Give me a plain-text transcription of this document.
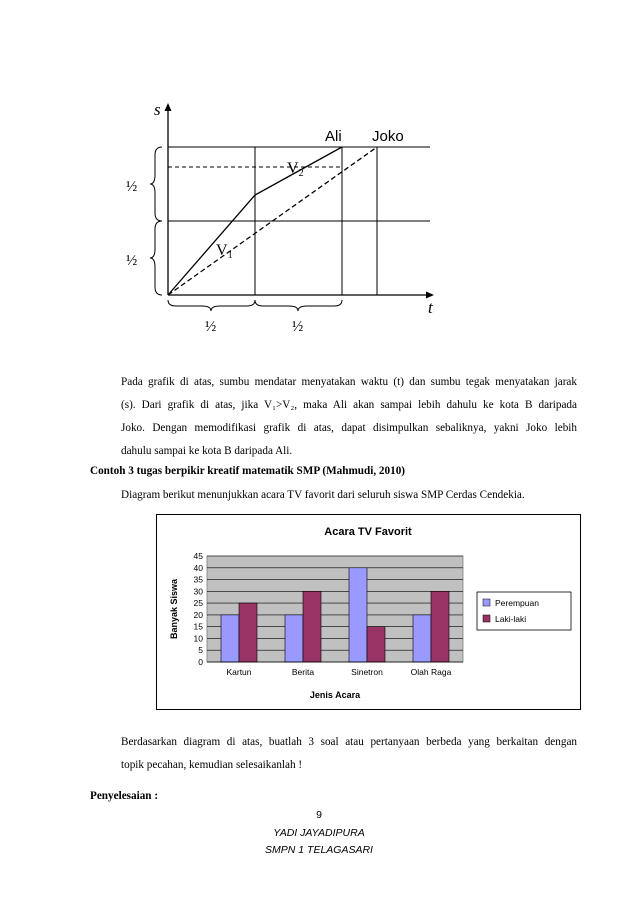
s
t
Ali Joko
V2
V1
½
½
½	½
Pada grafik di atas, sumbu mendatar menyatakan waktu (t) dan sumbu tegak menyatakan jarak
(s). Dari grafik di atas, jika V₁>V₂, maka Ali akan sampai lebih dahulu ke kota B daripada
Joko. Dengan memodifikasi grafik di atas, dapat disimpulkan sebaliknya, yakni Joko lebih
dahulu sampai ke kota B daripada Ali.
Contoh 3 tugas berpikir kreatif matematik SMP (Mahmudi, 2010)
Diagram berikut menunjukkan acara TV favorit dari seluruh siswa SMP Cerdas Cendekia.
Acara TV Favorit
0
5
10
15
20
25
30
35
40
45
Kartun	Berita	Sinetron	Olah Raga
Jenis Acara
Banyak Siswa	Perempuan
Laki-laki
Berdasarkan diagram di atas, buatlah 3 soal atau pertanyaan berbeda yang berkaitan dengan
topik pecahan, kemudian selesaikanlah !
Penyelesaian :
9
YADI JAYADIPURA
SMPN 1 TELAGASARI
